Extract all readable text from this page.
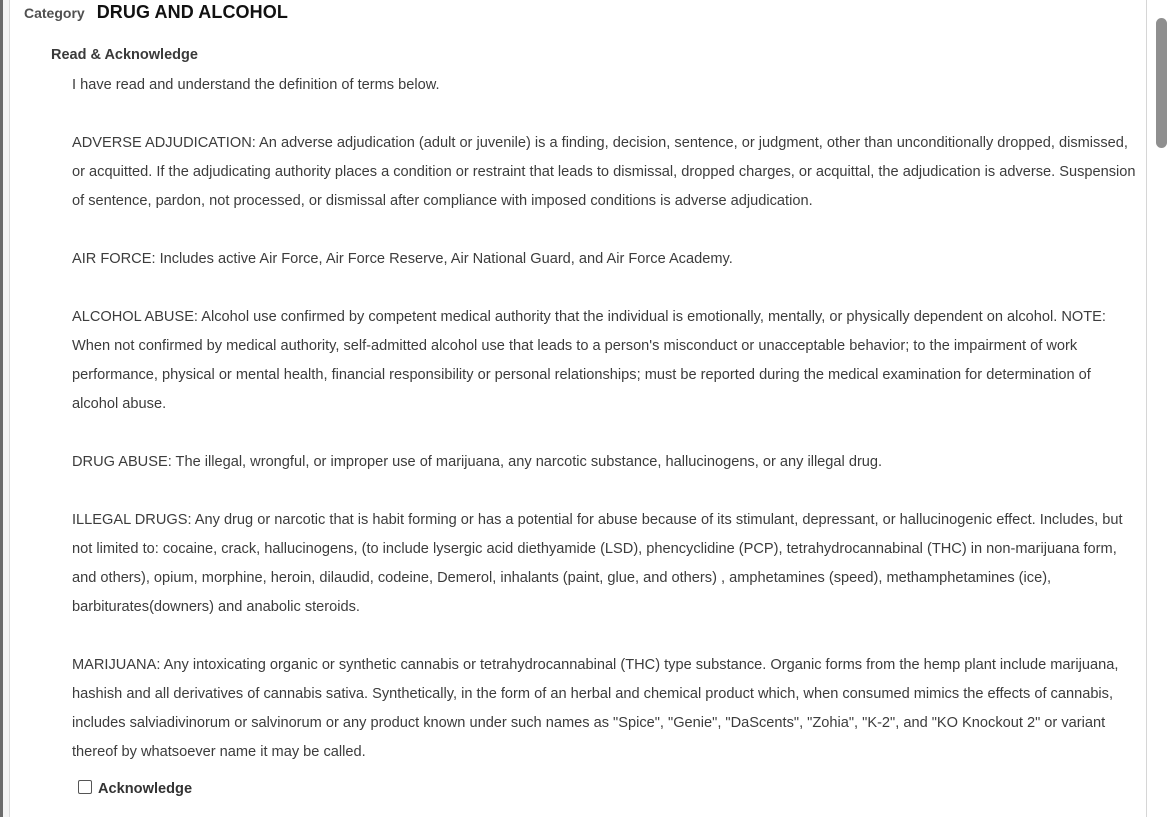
Category DRUG AND ALCOHOL
Read & Acknowledge

I have read and understand the definition of terms below.

ADVERSE ADJUDICATION: An adverse adjudication (adult or juvenile) is a finding, decision, sentence, or judgment, other than unconditionally dropped, dismissed, or acquitted. If the adjudicating authority places a condition or restraint that leads to dismissal, dropped charges, or acquittal, the adjudication is adverse. Suspension of sentence, pardon, not processed, or dismissal after compliance with imposed conditions is adverse adjudication.

AIR FORCE: Includes active Air Force, Air Force Reserve, Air National Guard, and Air Force Academy.

ALCOHOL ABUSE: Alcohol use confirmed by competent medical authority that the individual is emotionally, mentally, or physically dependent on alcohol. NOTE: When not confirmed by medical authority, self-admitted alcohol use that leads to a person's misconduct or unacceptable behavior; to the impairment of work performance, physical or mental health, financial responsibility or personal relationships; must be reported during the medical examination for determination of alcohol abuse.

DRUG ABUSE: The illegal, wrongful, or improper use of marijuana, any narcotic substance, hallucinogens, or any illegal drug.

ILLEGAL DRUGS: Any drug or narcotic that is habit forming or has a potential for abuse because of its stimulant, depressant, or hallucinogenic effect. Includes, but not limited to: cocaine, crack, hallucinogens, (to include lysergic acid diethyamide (LSD), phencyclidine (PCP), tetrahydrocannabinal (THC) in non-marijuana form, and others), opium, morphine, heroin, dilaudid, codeine, Demerol, inhalants (paint, glue, and others) , amphetamines (speed), methamphetamines (ice), barbiturates(downers) and anabolic steroids.

MARIJUANA: Any intoxicating organic or synthetic cannabis or tetrahydrocannabinal (THC) type substance. Organic forms from the hemp plant include marijuana, hashish and all derivatives of cannabis sativa. Synthetically, in the form of an herbal and chemical product which, when consumed mimics the effects of cannabis, includes salviadivinorum or salvinorum or any product known under such names as "Spice", "Genie", "DaScents", "Zohia", "K-2", and "KO Knockout 2" or variant thereof by whatsoever name it may be called.

Acknowledge
